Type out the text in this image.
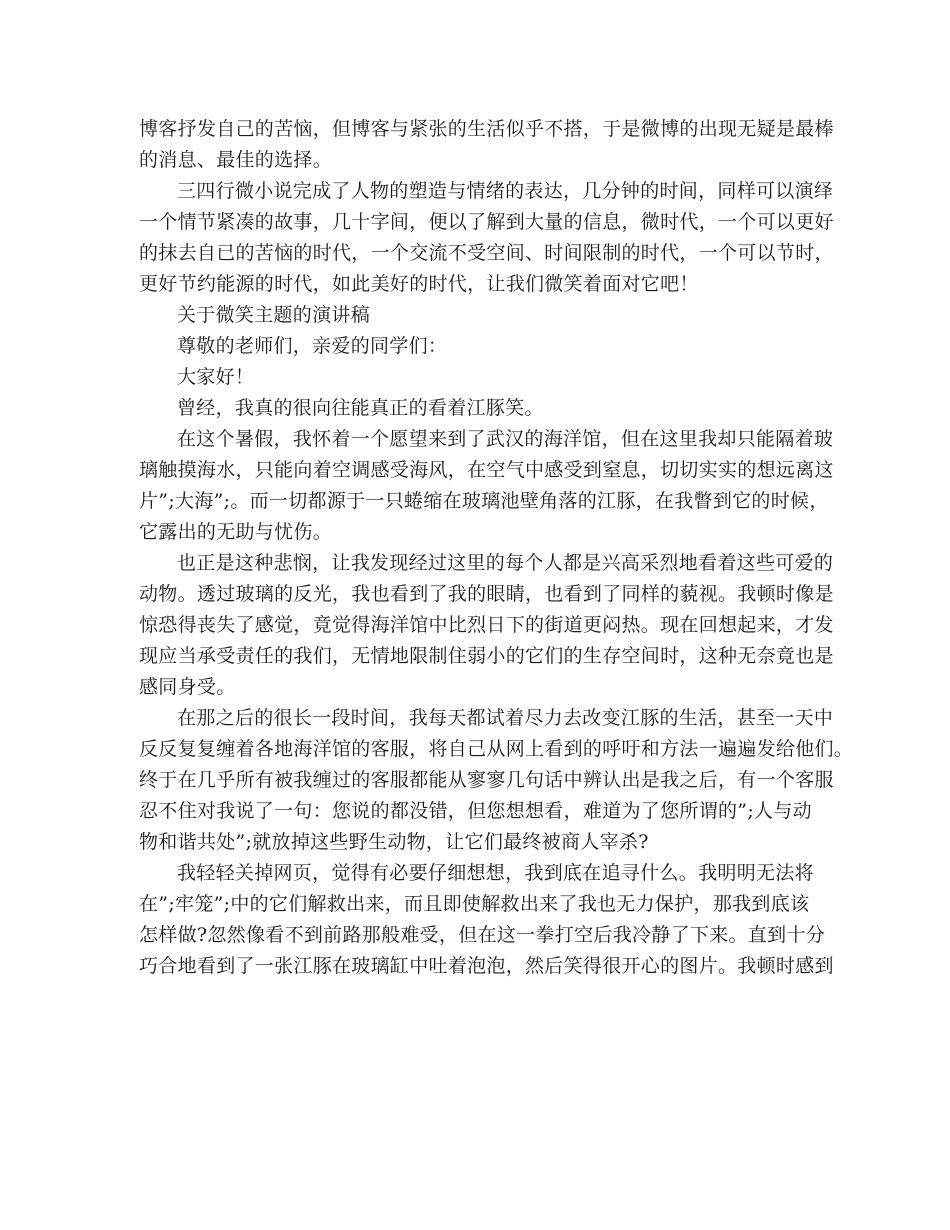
博客抒发自己的苦恼，但博客与紧张的生活似乎不搭，于是微博的出现无疑是最棒
的消息、最佳的选择。
三四行微小说完成了人物的塑造与情绪的表达，几分钟的时间，同样可以演绎
一个情节紧凑的故事，几十字间，便以了解到大量的信息，微时代，一个可以更好
的抹去自已的苦恼的时代，一个交流不受空间、时间限制的时代，一个可以节时，
更好节约能源的时代，如此美好的时代，让我们微笑着面对它吧！
关于微笑主题的演讲稿
尊敬的老师们，亲爱的同学们：
大家好！
曾经，我真的很向往能真正的看着江豚笑。
在这个暑假，我怀着一个愿望来到了武汉的海洋馆，但在这里我却只能隔着玻
璃触摸海水，只能向着空调感受海风，在空气中感受到窒息，切切实实的想远离这
片”;大海”;。而一切都源于一只蜷缩在玻璃池壁角落的江豚，在我瞥到它的时候，
它露出的无助与忧伤。
也正是这种悲悯，让我发现经过这里的每个人都是兴高采烈地看着这些可爱的
动物。透过玻璃的反光，我也看到了我的眼睛，也看到了同样的藐视。我顿时像是
惊恐得丧失了感觉，竟觉得海洋馆中比烈日下的街道更闷热。现在回想起来，才发
现应当承受责任的我们，无情地限制住弱小的它们的生存空间时，这种无奈竟也是
感同身受。
在那之后的很长一段时间，我每天都试着尽力去改变江豚的生活，甚至一天中
反反复复缠着各地海洋馆的客服，将自己从网上看到的呼吁和方法一遍遍发给他们。
终于在几乎所有被我缠过的客服都能从寥寥几句话中辨认出是我之后，有一个客服
忍不住对我说了一句：您说的都没错，但您想想看，难道为了您所谓的”;人与动
物和谐共处”;就放掉这些野生动物，让它们最终被商人宰杀?
我轻轻关掉网页，觉得有必要仔细想想，我到底在追寻什么。我明明无法将
在”;牢笼”;中的它们解救出来，而且即使解救出来了我也无力保护，那我到底该
怎样做?忽然像看不到前路那般难受，但在这一拳打空后我冷静了下来。直到十分
巧合地看到了一张江豚在玻璃缸中吐着泡泡，然后笑得很开心的图片。我顿时感到
